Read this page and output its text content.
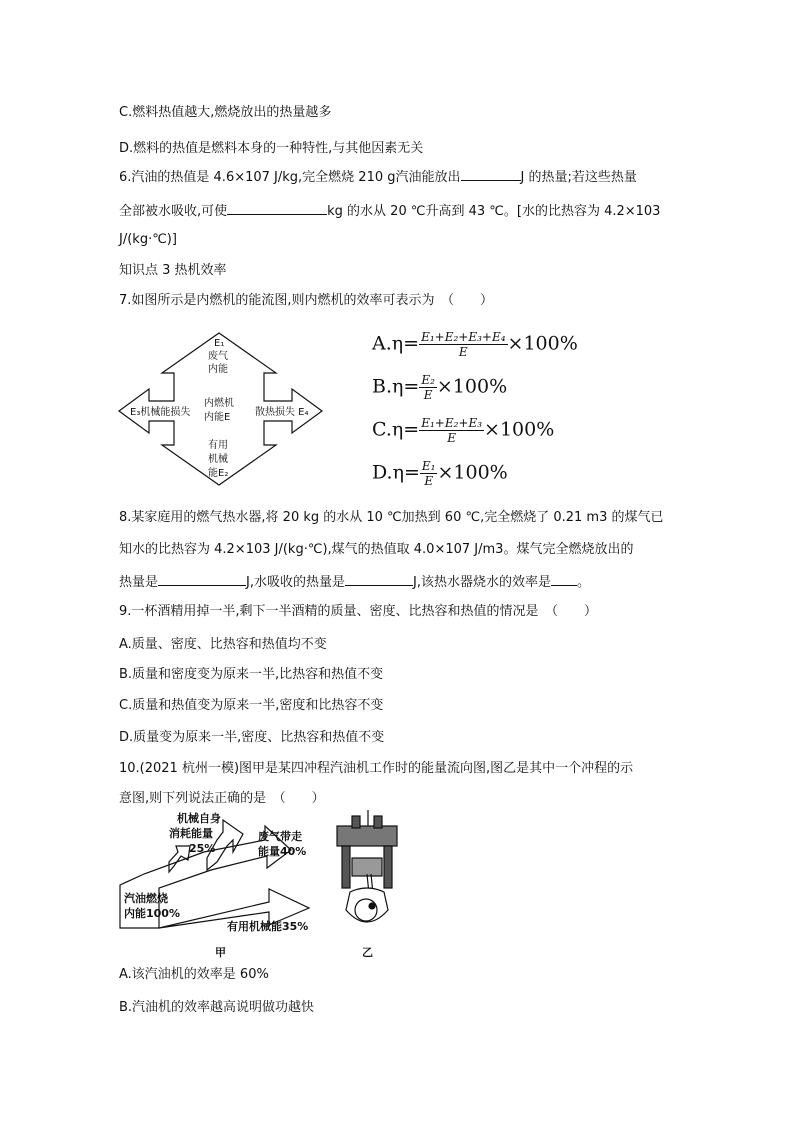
C.燃料热值越大,燃烧放出的热量越多
D.燃料的热值是燃料本身的一种特性,与其他因素无关
6.汽油的热值是 4.6×107 J/kg,完全燃烧 210 g汽油能放出	J 的热量;若这些热量
全部被水吸收,可使	kg 的水从 20 ℃升高到 43 ℃。[水的比热容为 4.2×103
J/(kg·℃)]
知识点 3 热机效率
7.如图所示是内燃机的能流图,则内燃机的效率可表示为　（　　）
E₁
废气
内能
E₃机械能损失
内燃机
内能E 散热损失 E₄
有用
机械
能E₂
$A.\eta= \frac{\text{E₁+E₂+E₃+E₄}}{E} \times 100\%$
$B.\eta= \frac{\text{E₂}}{E} \times 100\%$
$C.\eta= \frac{\text{E₁+E₂+E₃}}{E} \times 100\%$
$D.\eta= \frac{\text{E₁}}{E} \times 100\%$
8.某家庭用的燃气热水器,将 20 kg 的水从 10 ℃加热到 60 ℃,完全燃烧了 0.21 m3 的煤气已
知水的比热容为 4.2×103 J/(kg·℃),煤气的热值取 4.0×107 J/m3。煤气完全燃烧放出的
热量是	J,水吸收的热量是	J,该热水器烧水的效率是 。
9.一杯酒精用掉一半,剩下一半酒精的质量、密度、比热容和热值的情况是　（　　）
A.质量、密度、比热容和热值均不变
B.质量和密度变为原来一半,比热容和热值不变
C.质量和热值变为原来一半,密度和比热容不变
D.质量变为原来一半,密度、比热容和热值不变
10.(2021 杭州一模)图甲是某四冲程汽油机工作时的能量流向图,图乙是其中一个冲程的示
意图,则下列说法正确的是　（　　）
机械自身
消耗能量
25%
废气带走
能量40%
汽油燃烧
内能100%
有用机械能35%
甲	乙
A.该汽油机的效率是 60%
B.汽油机的效率越高说明做功越快
